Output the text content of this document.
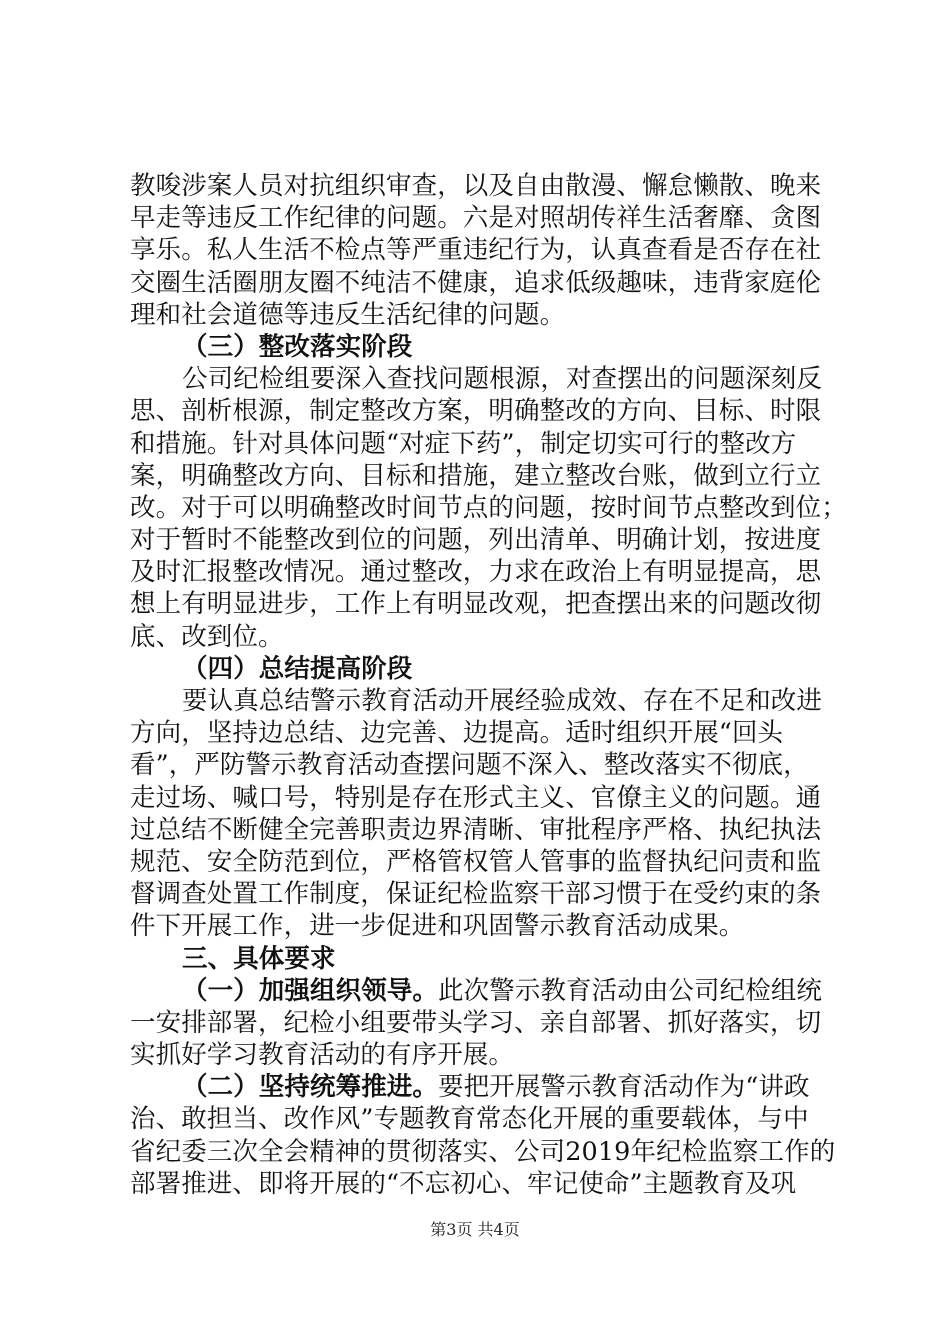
教唆涉案人员对抗组织审查，以及自由散漫、懈怠懒散、晚来
早走等违反工作纪律的问题。六是对照胡传祥生活奢靡、贪图
享乐。私人生活不检点等严重违纪行为，认真查看是否存在社
交圈生活圈朋友圈不纯洁不健康，追求低级趣味，违背家庭伦
理和社会道德等违反生活纪律的问题。
（三）整改落实阶段
公司纪检组要深入查找问题根源，对查摆出的问题深刻反
思、剖析根源，制定整改方案，明确整改的方向、目标、时限
和措施。针对具体问题“对症下药”，制定切实可行的整改方
案，明确整改方向、目标和措施，建立整改台账，做到立行立
改。对于可以明确整改时间节点的问题，按时间节点整改到位；
对于暂时不能整改到位的问题，列出清单、明确计划，按进度
及时汇报整改情况。通过整改，力求在政治上有明显提高，思
想上有明显进步，工作上有明显改观，把查摆出来的问题改彻
底、改到位。
（四）总结提高阶段
要认真总结警示教育活动开展经验成效、存在不足和改进
方向，坚持边总结、边完善、边提高。适时组织开展“回头
看”，严防警示教育活动查摆问题不深入、整改落实不彻底，
走过场、喊口号，特别是存在形式主义、官僚主义的问题。通
过总结不断健全完善职责边界清晰、审批程序严格、执纪执法
规范、安全防范到位，严格管权管人管事的监督执纪问责和监
督调查处置工作制度，保证纪检监察干部习惯于在受约束的条
件下开展工作，进一步促进和巩固警示教育活动成果。
三、具体要求
（一）加强组织领导。此次警示教育活动由公司纪检组统
一安排部署，纪检小组要带头学习、亲自部署、抓好落实，切
实抓好学习教育活动的有序开展。
（二）坚持统筹推进。要把开展警示教育活动作为“讲政
治、敢担当、改作风”专题教育常态化开展的重要载体，与中
省纪委三次全会精神的贯彻落实、公司2019年纪检监察工作的
部署推进、即将开展的“不忘初心、牢记使命”主题教育及巩
第3页 共4页
